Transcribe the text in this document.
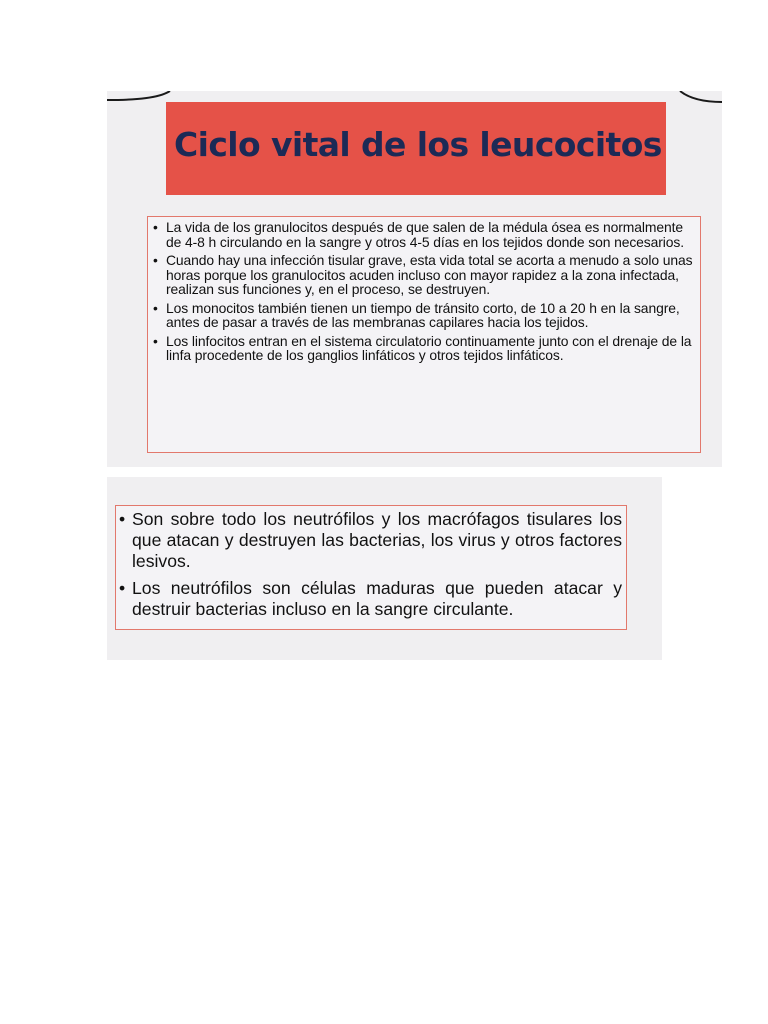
Ciclo vital de los leucocitos
• La vida de los granulocitos después de que salen de la médula ósea es normalmente de 4-8 h circulando en la sangre y otros 4-5 días en los tejidos donde son necesarios.
• Cuando hay una infección tisular grave, esta vida total se acorta a menudo a solo unas horas porque los granulocitos acuden incluso con mayor rapidez a la zona infectada, realizan sus funciones y, en el proceso, se destruyen.
• Los monocitos también tienen un tiempo de tránsito corto, de 10 a 20 h en la sangre, antes de pasar a través de las membranas capilares hacia los tejidos.
• Los linfocitos entran en el sistema circulatorio continuamente junto con el drenaje de la linfa procedente de los ganglios linfáticos y otros tejidos linfáticos.
• Son sobre todo los neutrófilos y los macrófagos tisulares los que atacan y destruyen las bacterias, los virus y otros factores lesivos.
• Los neutrófilos son células maduras que pueden atacar y destruir bacterias incluso en la sangre circulante.
